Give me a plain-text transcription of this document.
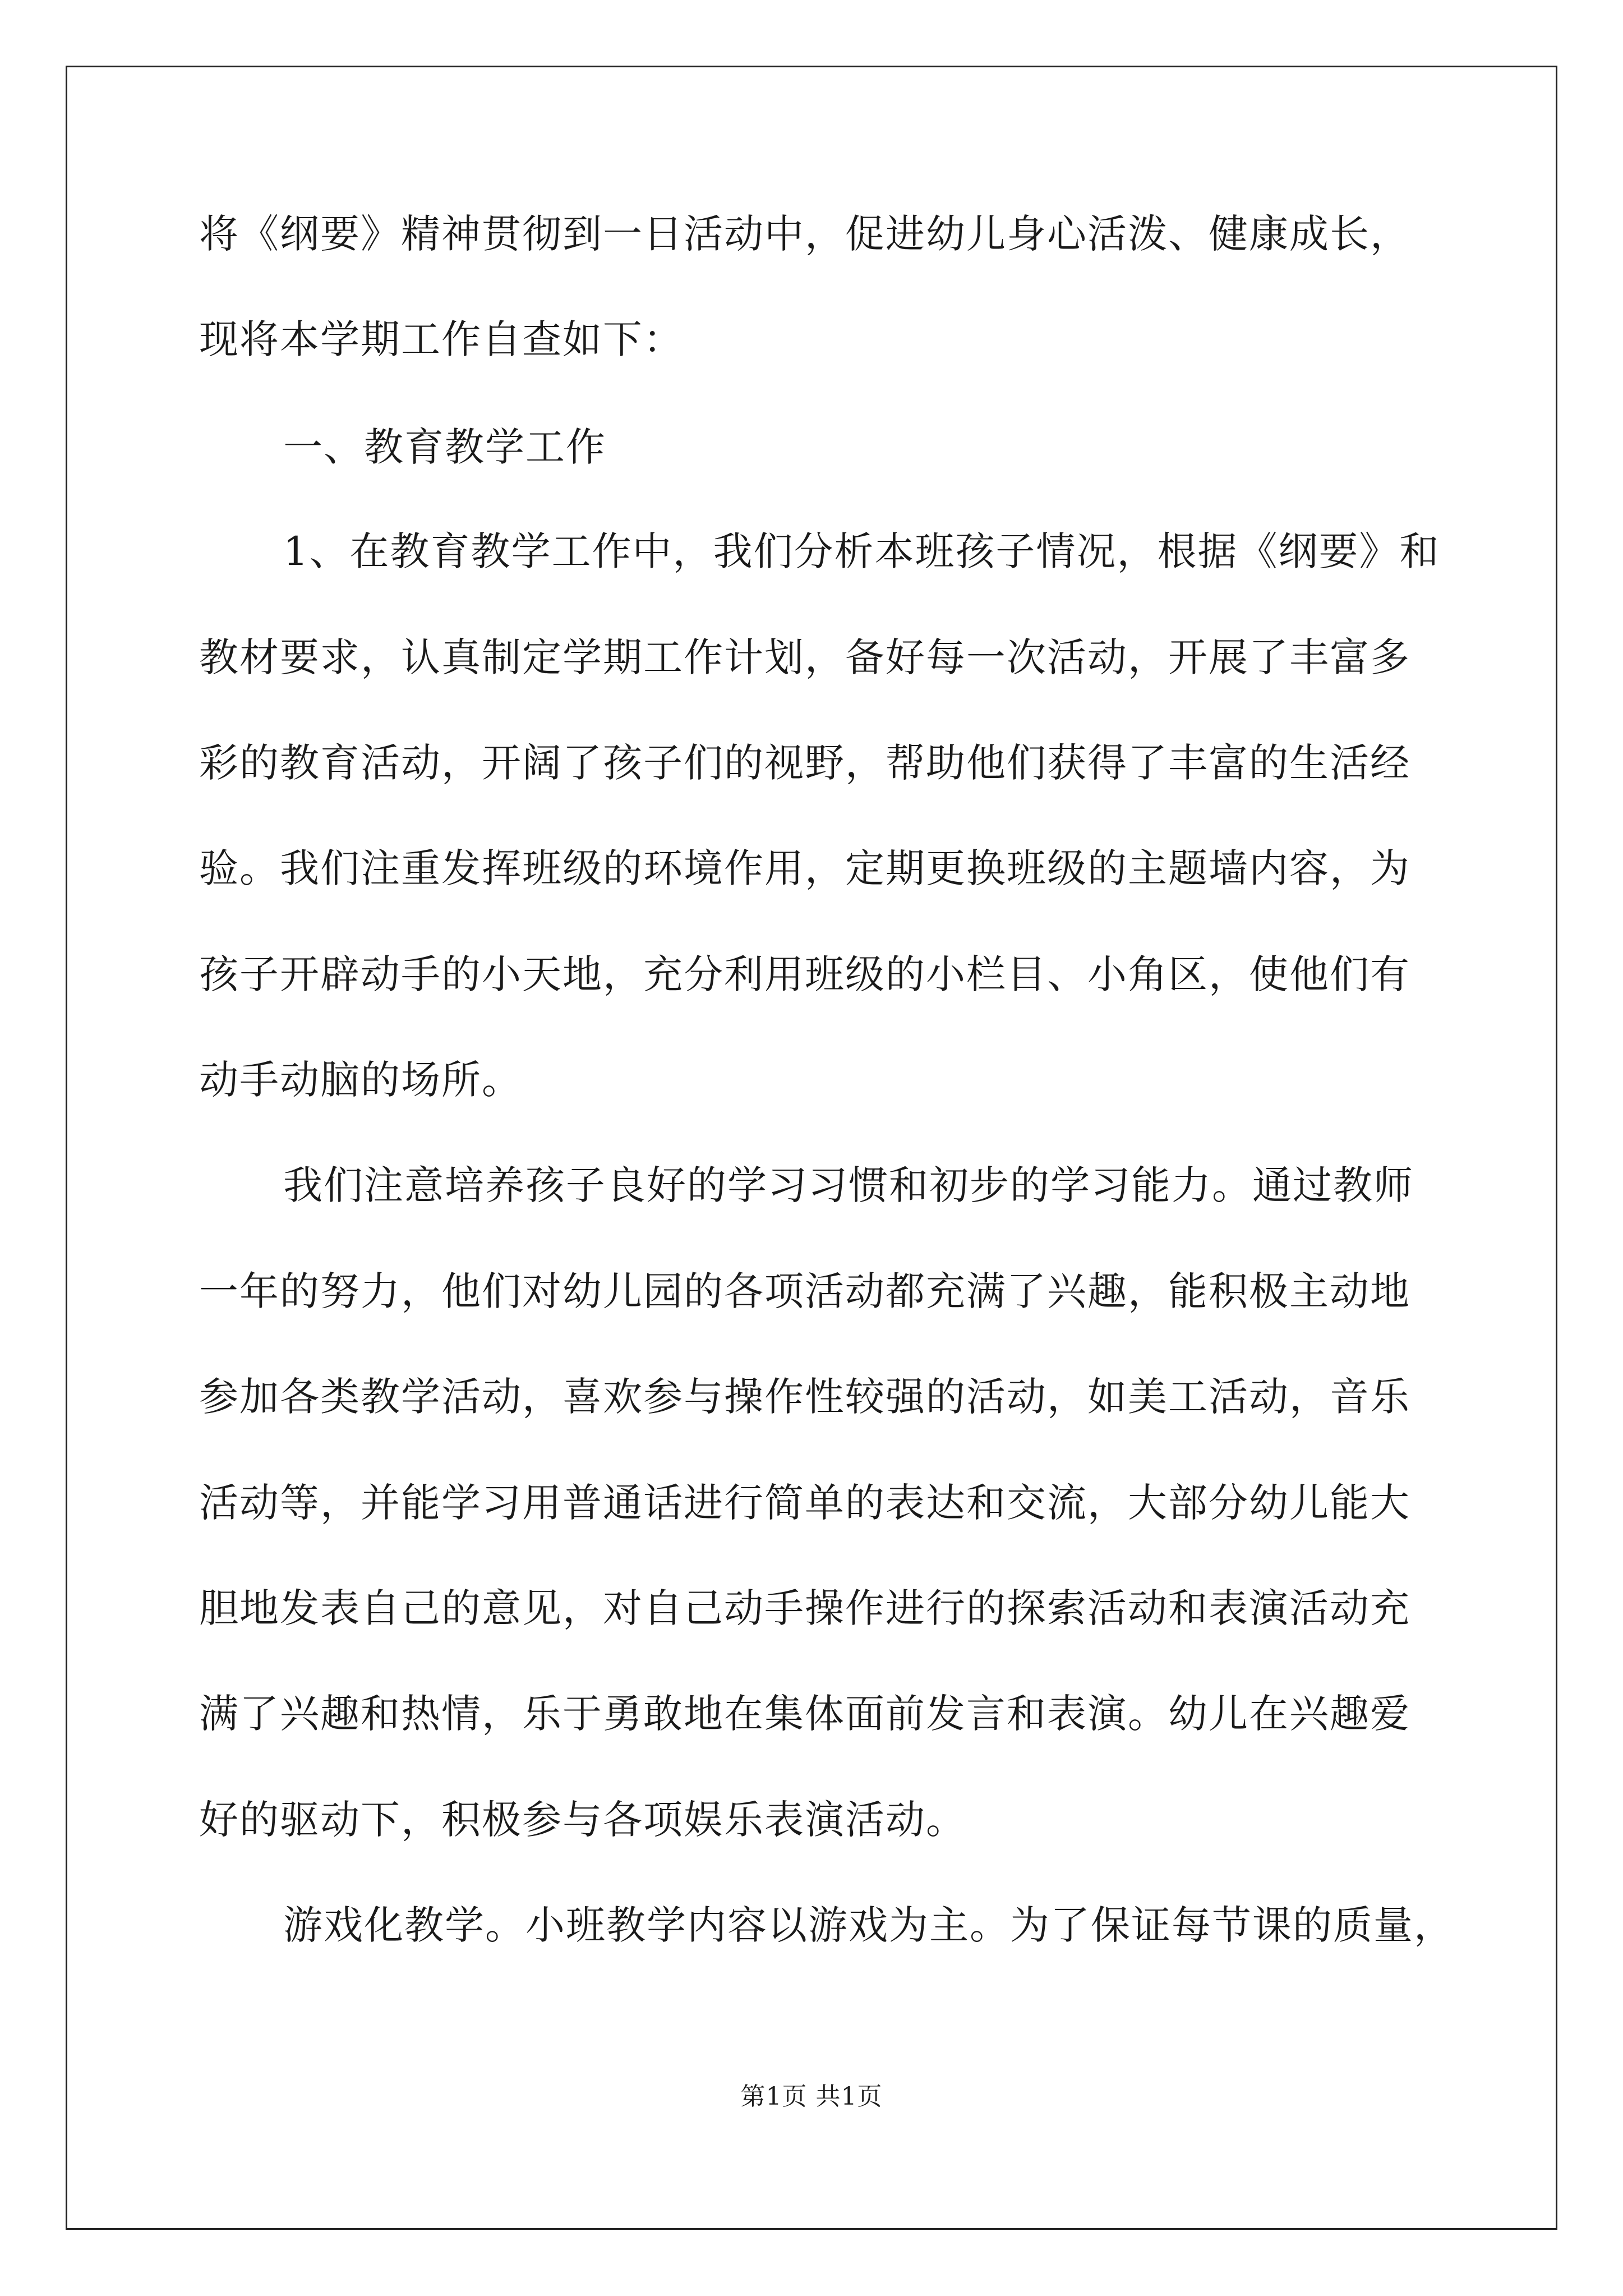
将《纲要》精神贯彻到一日活动中，促进幼儿身心活泼、健康成长，
现将本学期工作自查如下：
一、教育教学工作
1、在教育教学工作中，我们分析本班孩子情况，根据《纲要》和
教材要求，认真制定学期工作计划，备好每一次活动，开展了丰富多
彩的教育活动，开阔了孩子们的视野，帮助他们获得了丰富的生活经
验。我们注重发挥班级的环境作用，定期更换班级的主题墙内容，为
孩子开辟动手的小天地，充分利用班级的小栏目、小角区，使他们有
动手动脑的场所。
我们注意培养孩子良好的学习习惯和初步的学习能力。通过教师
一年的努力，他们对幼儿园的各项活动都充满了兴趣，能积极主动地
参加各类教学活动，喜欢参与操作性较强的活动，如美工活动，音乐
活动等，并能学习用普通话进行简单的表达和交流，大部分幼儿能大
胆地发表自己的意见，对自己动手操作进行的探索活动和表演活动充
满了兴趣和热情，乐于勇敢地在集体面前发言和表演。幼儿在兴趣爱
好的驱动下，积极参与各项娱乐表演活动。
游戏化教学。小班教学内容以游戏为主。为了保证每节课的质量，
第1页 共1页
